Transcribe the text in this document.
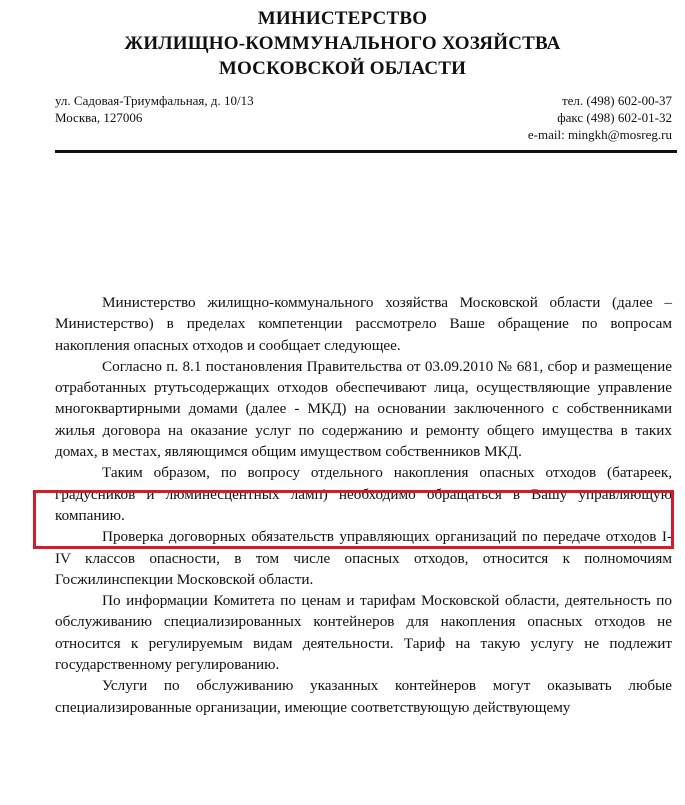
МИНИСТЕРСТВО
ЖИЛИЩНО-КОММУНАЛЬНОГО ХОЗЯЙСТВА
МОСКОВСКОЙ ОБЛАСТИ
ул. Садовая-Триумфальная, д. 10/13
Москва, 127006
тел. (498) 602-00-37
факс (498) 602-01-32
e-mail: mingkh@mosreg.ru

Министерство жилищно-коммунального хозяйства Московской области (далее – Министерство) в пределах компетенции рассмотрело Ваше обращение по вопросам накопления опасных отходов и сообщает следующее.

Согласно п. 8.1 постановления Правительства от 03.09.2010 № 681, сбор и размещение отработанных ртутьсодержащих отходов обеспечивают лица, осуществляющие управление многоквартирными домами (далее - МКД) на основании заключенного с собственниками жилья договора на оказание услуг по содержанию и ремонту общего имущества в таких домах, в местах, являющимся общим имуществом собственников МКД.

Таким образом, по вопросу отдельного накопления опасных отходов (батареек, градусников и люминесцентных ламп) необходимо обращаться в Вашу управляющую компанию.

Проверка договорных обязательств управляющих организаций по передаче отходов I-IV классов опасности, в том числе опасных отходов, относится к полномочиям Госжилинспекции Московской области.

По информации Комитета по ценам и тарифам Московской области, деятельность по обслуживанию специализированных контейнеров для накопления опасных отходов не относится к регулируемым видам деятельности. Тариф на такую услугу не подлежит государственному регулированию.

Услуги по обслуживанию указанных контейнеров могут оказывать любые специализированные организации, имеющие соответствующую действующему
